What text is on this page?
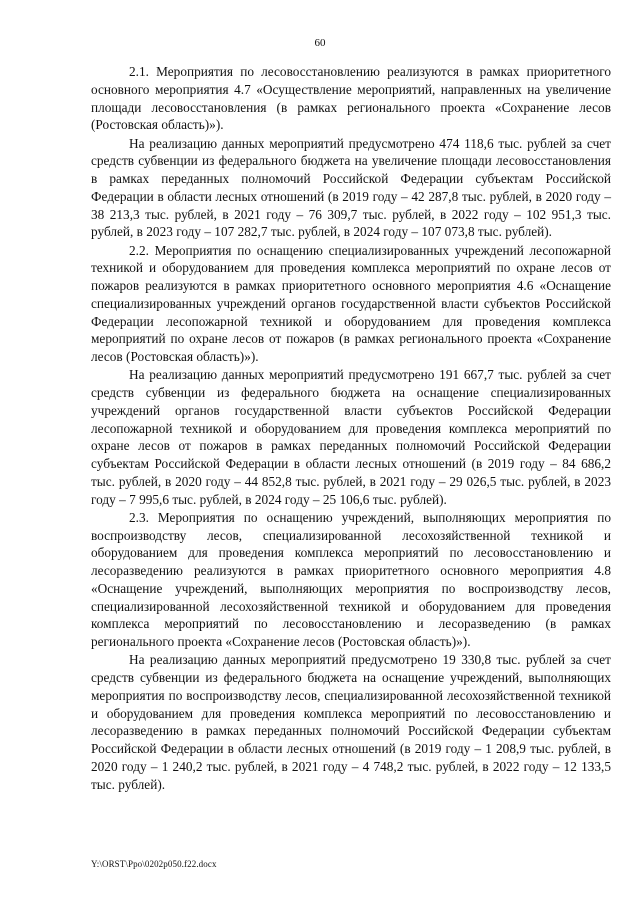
60

2.1. Мероприятия по лесовосстановлению реализуются в рамках приоритетного основного мероприятия 4.7 «Осуществление мероприятий, направленных на увеличение площади лесовосстановления (в рамках регионального проекта «Сохранение лесов (Ростовская область)»).

На реализацию данных мероприятий предусмотрено 474 118,6 тыс. рублей за счет средств субвенции из федерального бюджета на увеличение площади лесовосстановления в рамках переданных полномочий Российской Федерации субъектам Российской Федерации в области лесных отношений (в 2019 году – 42 287,8 тыс. рублей, в 2020 году – 38 213,3 тыс. рублей, в 2021 году – 76 309,7 тыс. рублей, в 2022 году – 102 951,3 тыс. рублей, в 2023 году – 107 282,7 тыс. рублей, в 2024 году – 107 073,8 тыс. рублей).

2.2. Мероприятия по оснащению специализированных учреждений лесопожарной техникой и оборудованием для проведения комплекса мероприятий по охране лесов от пожаров реализуются в рамках приоритетного основного мероприятия 4.6 «Оснащение специализированных учреждений органов государственной власти субъектов Российской Федерации лесопожарной техникой и оборудованием для проведения комплекса мероприятий по охране лесов от пожаров (в рамках регионального проекта «Сохранение лесов (Ростовская область)»).

На реализацию данных мероприятий предусмотрено 191 667,7 тыс. рублей за счет средств субвенции из федерального бюджета на оснащение специализированных учреждений органов государственной власти субъектов Российской Федерации лесопожарной техникой и оборудованием для проведения комплекса мероприятий по охране лесов от пожаров в рамках переданных полномочий Российской Федерации субъектам Российской Федерации в области лесных отношений (в 2019 году – 84 686,2 тыс. рублей, в 2020 году – 44 852,8 тыс. рублей, в 2021 году – 29 026,5 тыс. рублей, в 2023 году – 7 995,6 тыс. рублей, в 2024 году – 25 106,6 тыс. рублей).

2.3. Мероприятия по оснащению учреждений, выполняющих мероприятия по воспроизводству лесов, специализированной лесохозяйственной техникой и оборудованием для проведения комплекса мероприятий по лесовосстановлению и лесоразведению реализуются в рамках приоритетного основного мероприятия 4.8 «Оснащение учреждений, выполняющих мероприятия по воспроизводству лесов, специализированной лесохозяйственной техникой и оборудованием для проведения комплекса мероприятий по лесовосстановлению и лесоразведению (в рамках регионального проекта «Сохранение лесов (Ростовская область)»).

На реализацию данных мероприятий предусмотрено 19 330,8 тыс. рублей за счет средств субвенции из федерального бюджета на оснащение учреждений, выполняющих мероприятия по воспроизводству лесов, специализированной лесохозяйственной техникой и оборудованием для проведения комплекса мероприятий по лесовосстановлению и лесоразведению в рамках переданных полномочий Российской Федерации субъектам Российской Федерации в области лесных отношений (в 2019 году – 1 208,9 тыс. рублей, в 2020 году – 1 240,2 тыс. рублей, в 2021 году – 4 748,2 тыс. рублей, в 2022 году – 12 133,5 тыс. рублей).

Y:\ORST\Ppo\0202p050.f22.docx
